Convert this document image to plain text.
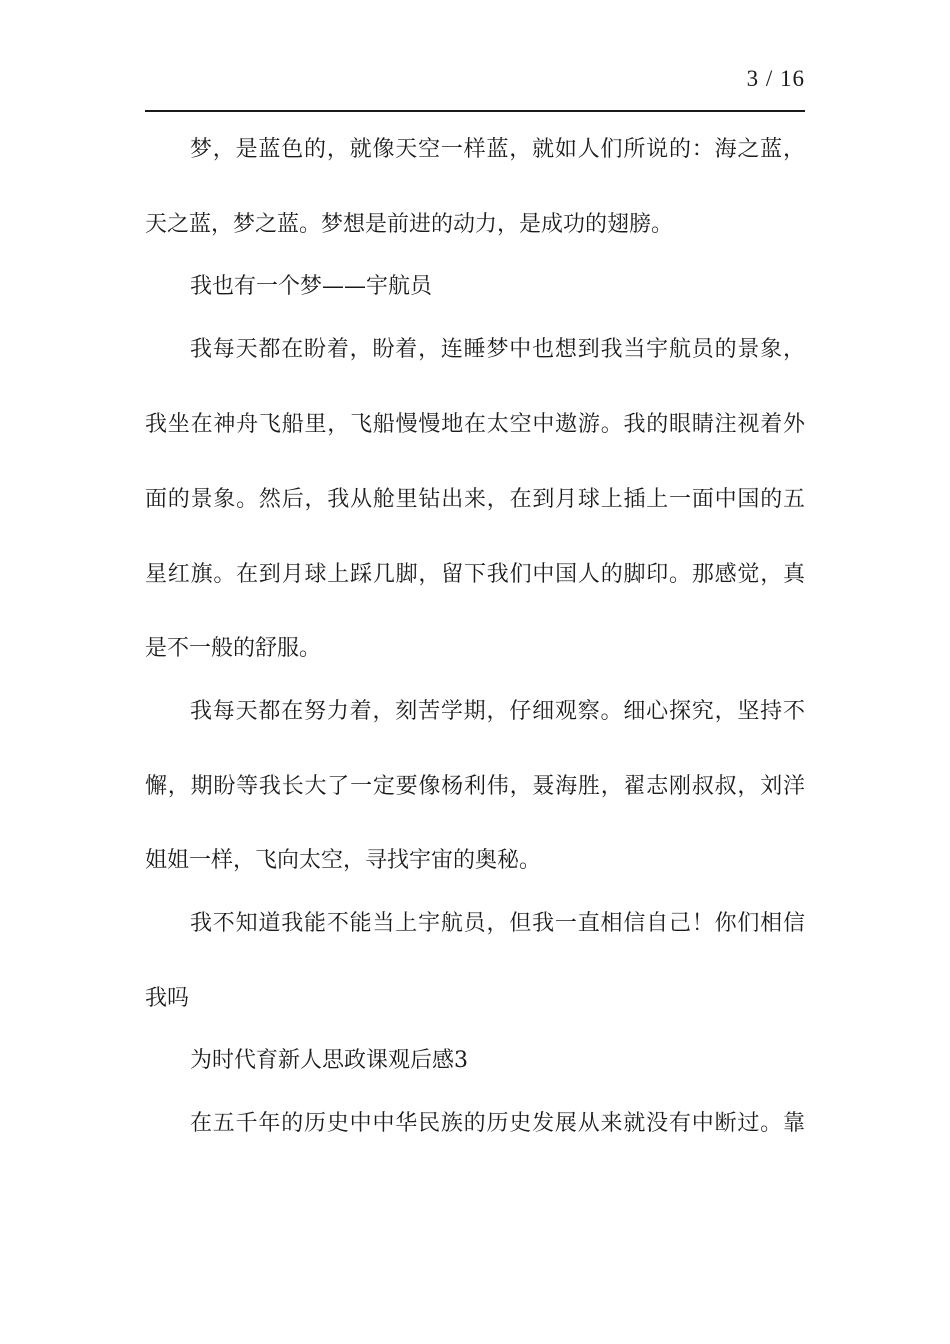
3 / 16
梦，是蓝色的，就像天空一样蓝，就如人们所说的：海之蓝，
天之蓝，梦之蓝。梦想是前进的动力，是成功的翅膀。
我也有一个梦——宇航员
我每天都在盼着，盼着，连睡梦中也想到我当宇航员的景象，
我坐在神舟飞船里，飞船慢慢地在太空中遨游。我的眼睛注视着外
面的景象。然后，我从舱里钻出来，在到月球上插上一面中国的五
星红旗。在到月球上踩几脚，留下我们中国人的脚印。那感觉，真
是不一般的舒服。
我每天都在努力着，刻苦学期，仔细观察。细心探究，坚持不
懈，期盼等我长大了一定要像杨利伟，聂海胜，翟志刚叔叔，刘洋
姐姐一样，飞向太空，寻找宇宙的奥秘。
我不知道我能不能当上宇航员，但我一直相信自己！你们相信
我吗
为时代育新人思政课观后感3
在五千年的历史中中华民族的历史发展从来就没有中断过。靠
